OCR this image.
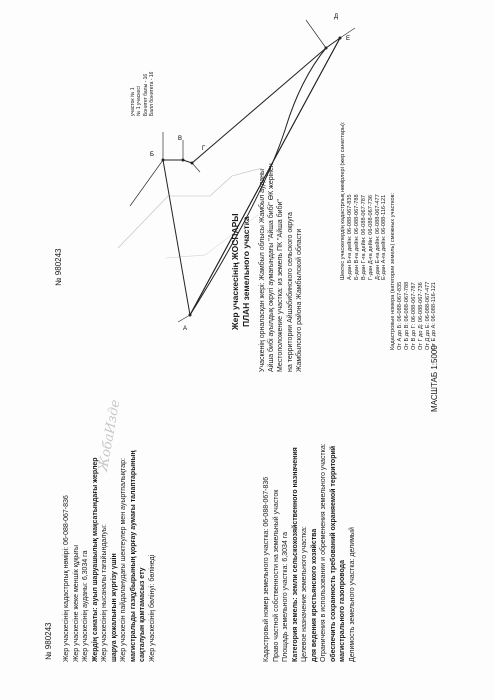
№ 980243
№ 980243
ЖобаИзде
Жер учаскесінің кадастрлық нөмірі: 06-088-067-836 Жер учаскесіне жеке меншік құқығы Жер учаскесінің ауданы: 6,3034 га Жердің санаты: ауыл шаруашылық мақсатындағы жерлер Жер учаскесінің нысаналы тағайындалуы: шаруа қожалығын жүргізу үшін Жер учаскесін пайдаланудағы шектеулер мен ауыртпалықтар: магистральды газқұбырының қорғау аумағы талаптарының сақталуын қамтамасыз ету Жер учаскесінің бөлінуі: бөлінеді	Кадастровый номер земельного участка: 06-088-067-836 Право частной собственности на земельный участок Площадь земельного участка: 6,3034 га Категория земель: земли сельскохозяйственного назначения Целевое назначение земельного участка: для ведения крестьянского хозяйства Ограничения в использовании и обременения земельного участка: обеспечить сохранность требований охраняемой территорий магистрального газопровода Делимость земельного участка: делимый
Жер учаскесінің ЖОСПАРЫ ПЛАН земельного участка Учаскенің орналасқан жері: Жамбыл облысы Жамбыл ауданы Айша бибі ауылдық округі аумағындағы "Айша бибі" ӨК жерінен Местоположение участка: из земель ПК "Айша биби" на территории Айшабибинского сельского округа Жамбылского района Жамбылской области
участок № 1 № 1 учаскесі Бонитет балы - 16 Балл бонитета - 16
Шектес учаскелердің кадастрлық нөмірлері (жер санаттары): А-дан Б-ға дейін: 06-088-067-835 Б-дан В-ға дейін: 06-088-067-788 В-дан Г-ға дейін: 06-088-067-787 Г-дан Д-ға дейін: 06-088-067-736 Д-дан Е-ға дейін: 06-088-067-477 Е-дан А-ға дейін: 06-088-116-121 Кадастровые номера (категории земель) смежных участков: От А до Б: 06-088-067-835 От Б до В: 06-088-067-788 От В до Г: 06-088-067-787 От Г до Д: 06-088-067-736 От Д до Е: 06-088-067-477 От Е до А: 06-088-116-121
МАСШТАБ 1:5000
А
Б
В
Г
Д
Е
